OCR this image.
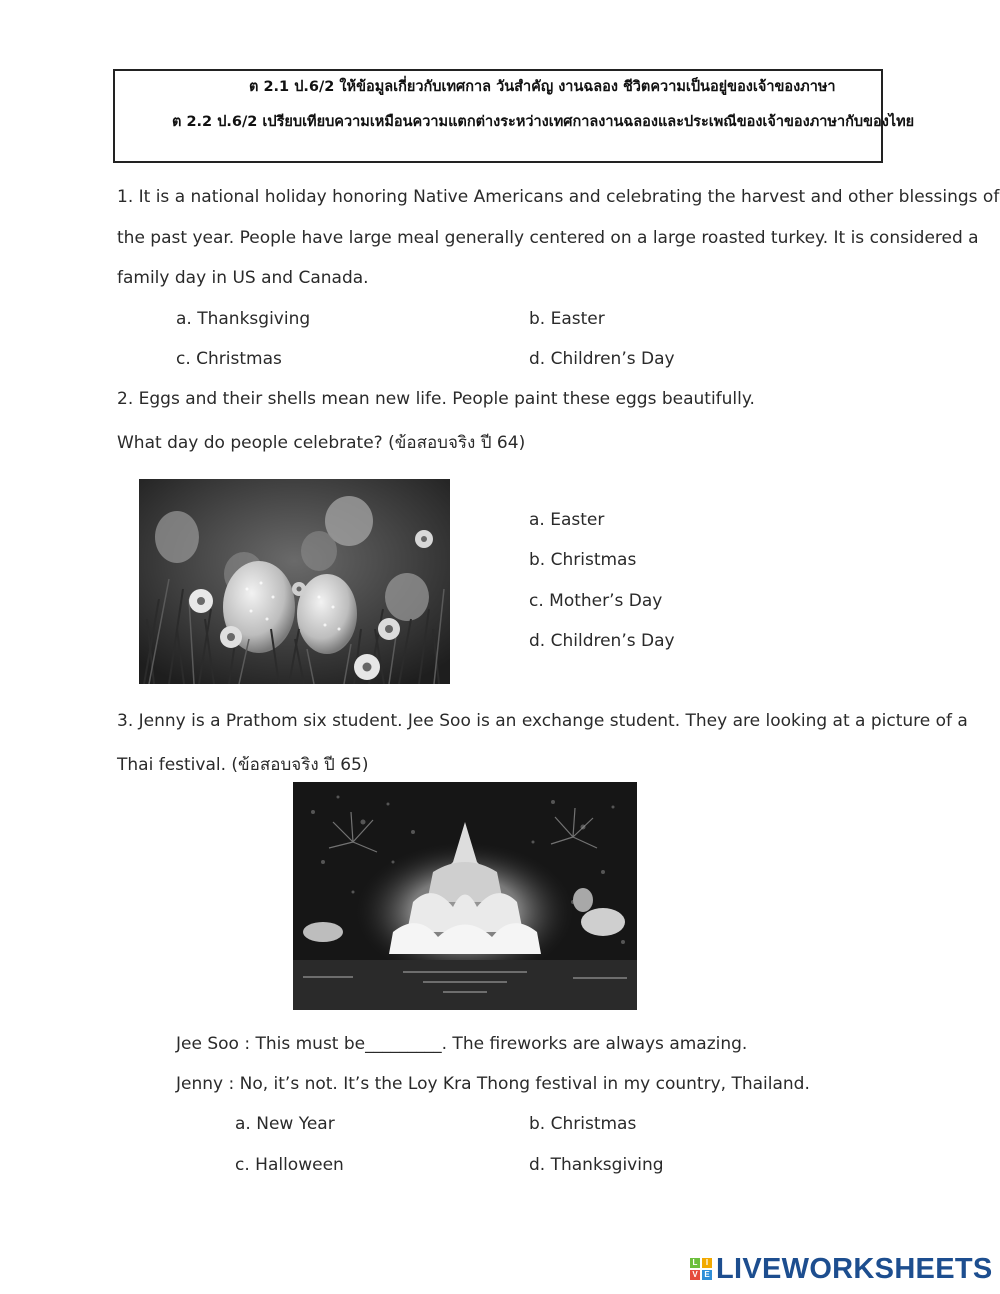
ต 2.1 ป.6/2 ให้ข้อมูลเกี่ยวกับเทศกาล วันสำคัญ งานฉลอง ชีวิตความเป็นอยู่ของเจ้าของภาษา
ต 2.2 ป.6/2 เปรียบเทียบความเหมือนความแตกต่างระหว่างเทศกาลงานฉลองและประเพณีของเจ้าของภาษากับของไทย
1. It is a national holiday honoring Native Americans and celebrating the harvest and other blessings of
the past year. People have large meal generally centered on a large roasted turkey. It is considered a
family day in US and Canada.
a. Thanksgiving	b. Easter
c. Christmas	d. Children’s Day
2. Eggs and their shells mean new life. People paint these eggs beautifully.
What day do people celebrate? (ข้อสอบจริง ปี 64)
a. Easter
b. Christmas
c. Mother’s Day
d. Children’s Day
3. Jenny is a Prathom six student. Jee Soo is an exchange student. They are looking at a picture of a
Thai festival. (ข้อสอบจริง ปี 65)
Jee Soo : This must be_________. The fireworks are always amazing.
Jenny : No, it’s not. It’s the Loy Kra Thong festival in my country, Thailand.
a. New Year	b. Christmas
c. Halloween	d. Thanksgiving
L	I
V E LIVEWORKSHEETS
